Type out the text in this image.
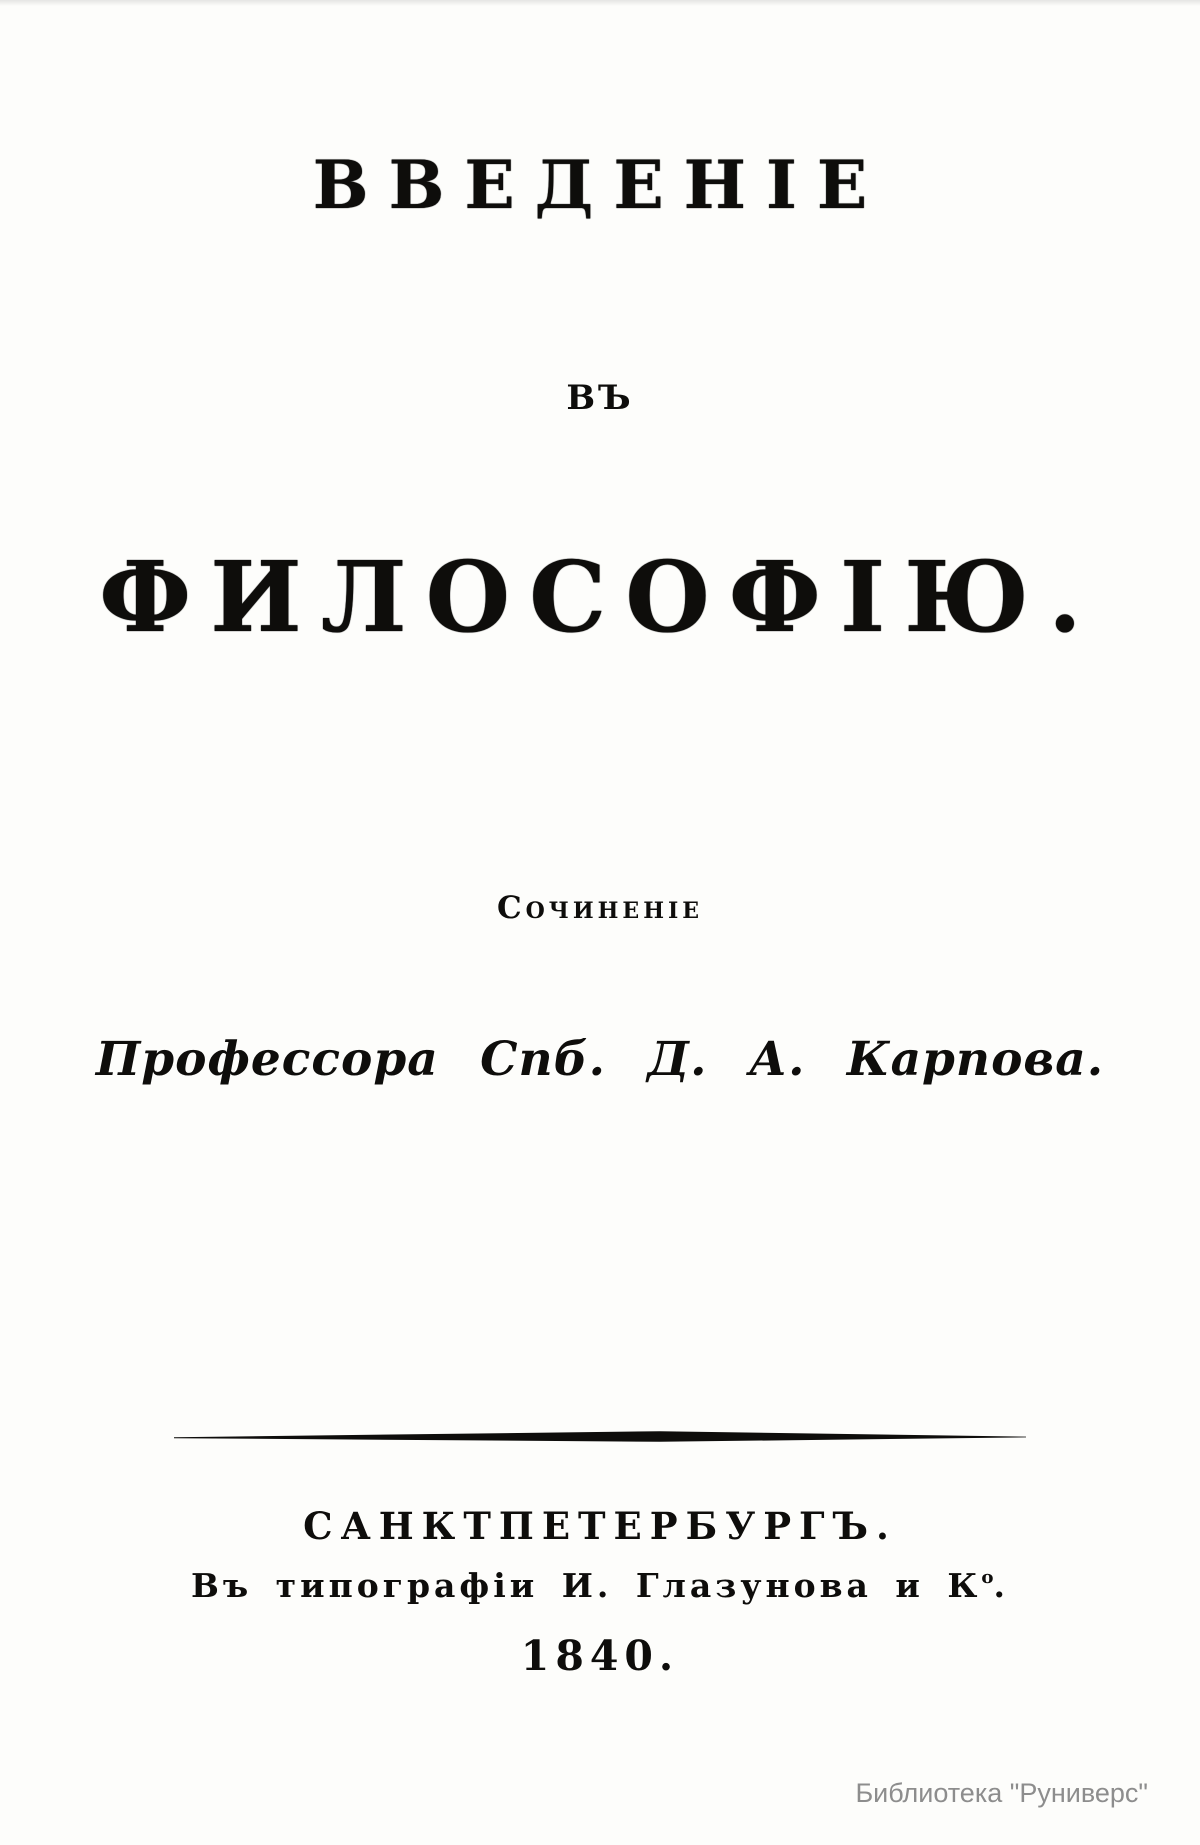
ВВЕДЕНІЕ
ВЪ
ФИЛОСОФІЮ.
Сочиненіе
Профессора Спб. Д. А. Карпова.
САНКТПЕТЕРБУРГЪ.
Въ типографіи И. Глазунова и $К^о$.
1840.
Библиотека "Руниверс"
